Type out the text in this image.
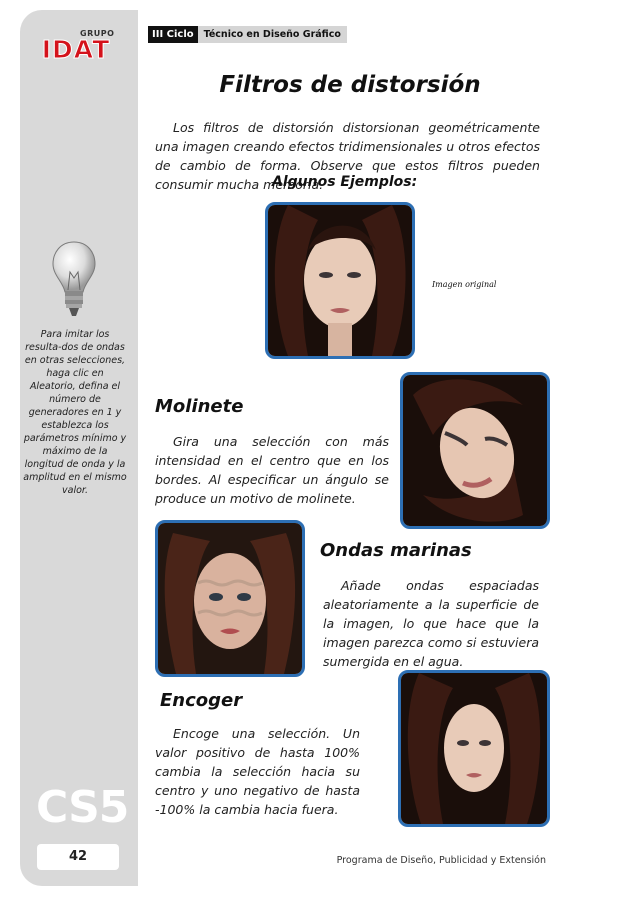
GRUPO
IDAT
Para imitar los resulta-dos de ondas en otras selecciones, haga clic en Aleatorio, defina el número de generadores en 1 y establezca los parámetros mínimo y máximo de la longitud de onda y la amplitud en el mismo valor.
CS5
42
III Ciclo	Técnico en Diseño Gráfico
Filtros de distorsión
Los filtros de distorsión distorsionan geométricamente una imagen creando efectos tridimensionales u otros efectos de cambio de forma. Observe que estos filtros pueden consumir mucha memoria.
Algunos Ejemplos:
Imagen original
Molinete
Gira una selección con más intensidad en el centro que en los bordes. Al especificar un ángulo se produce un motivo de molinete.
Ondas marinas
Añade ondas espaciadas aleatoriamente a la superficie de la imagen, lo que hace que la imagen parezca como si estuviera sumergida en el agua.
Encoger
Encoge una selección. Un valor positivo de hasta 100% cambia la selección hacia su centro y uno negativo de hasta -100% la cambia hacia fuera.
Programa de Diseño, Publicidad y Extensión
